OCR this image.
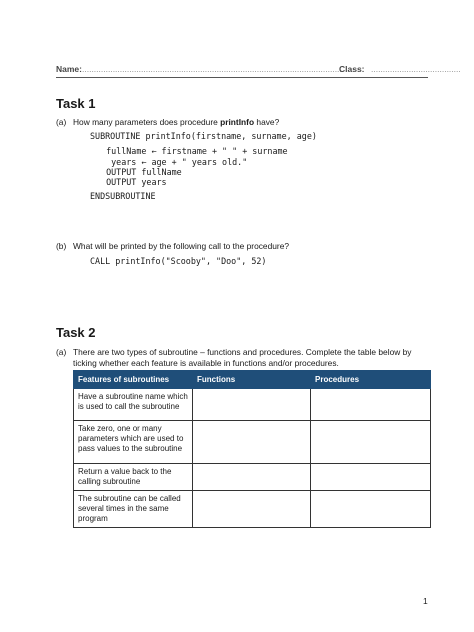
Name: ..............................................................................................................
Class: ......................................
Task 1
(a) How many parameters does procedure printInfo have?
SUBROUTINE printInfo(firstname, surname, age)
fullName ← firstname + " " + surname
years ← age + " years old."
OUTPUT fullName
OUTPUT years
ENDSUBROUTINE
(b) What will be printed by the following call to the procedure?
CALL printInfo("Scooby", "Doo", 52)
Task 2
(a) There are two types of subroutine – functions and procedures. Complete the table below by
ticking whether each feature is available in functions and/or procedures.
Features of subroutines	Functions	Procedures
Have a subroutine name which is used to call the subroutine		
Take zero, one or many parameters which are used to pass values to the subroutine		
Return a value back to the calling subroutine		
The subroutine can be called several times in the same program		
1
